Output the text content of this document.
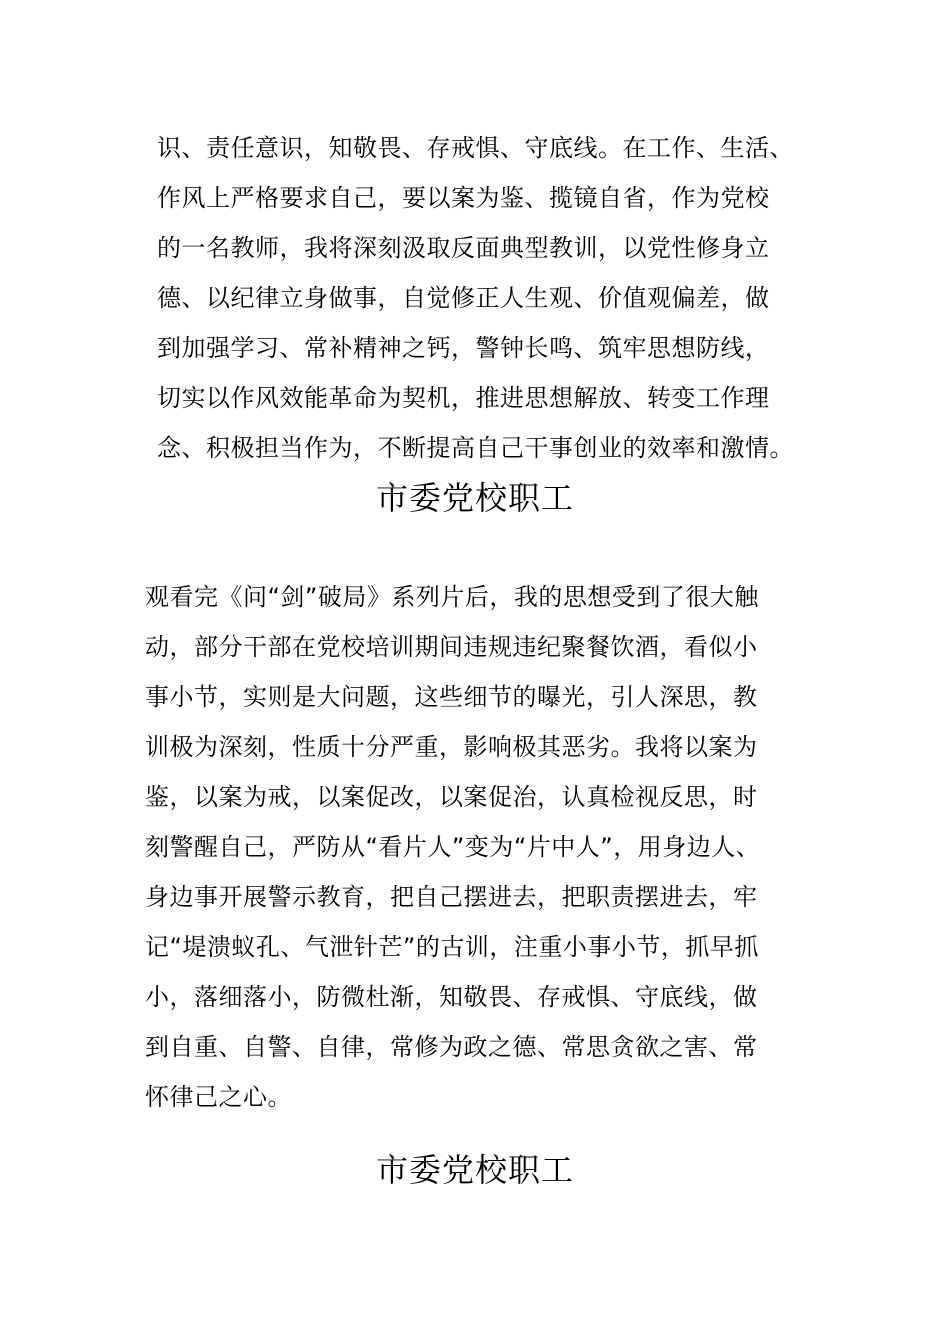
识、责任意识，知敬畏、存戒惧、守底线。在工作、生活、
作风上严格要求自己，要以案为鉴、揽镜自省，作为党校
的一名教师，我将深刻汲取反面典型教训，以党性修身立
德、以纪律立身做事，自觉修正人生观、价值观偏差，做
到加强学习、常补精神之钙，警钟长鸣、筑牢思想防线，
切实以作风效能革命为契机，推进思想解放、转变工作理
念、积极担当作为，不断提高自己干事创业的效率和激情。

市委党校职工

观看完《问“剑”破局》系列片后，我的思想受到了很大触
动，部分干部在党校培训期间违规违纪聚餐饮酒，看似小
事小节，实则是大问题，这些细节的曝光，引人深思，教
训极为深刻，性质十分严重，影响极其恶劣。我将以案为
鉴，以案为戒，以案促改，以案促治，认真检视反思，时
刻警醒自己，严防从“看片人”变为“片中人”，用身边人、
身边事开展警示教育，把自己摆进去，把职责摆进去，牢
记“堤溃蚁孔、气泄针芒”的古训，注重小事小节，抓早抓
小，落细落小，防微杜渐，知敬畏、存戒惧、守底线，做
到自重、自警、自律，常修为政之德、常思贪欲之害、常
怀律己之心。

市委党校职工
